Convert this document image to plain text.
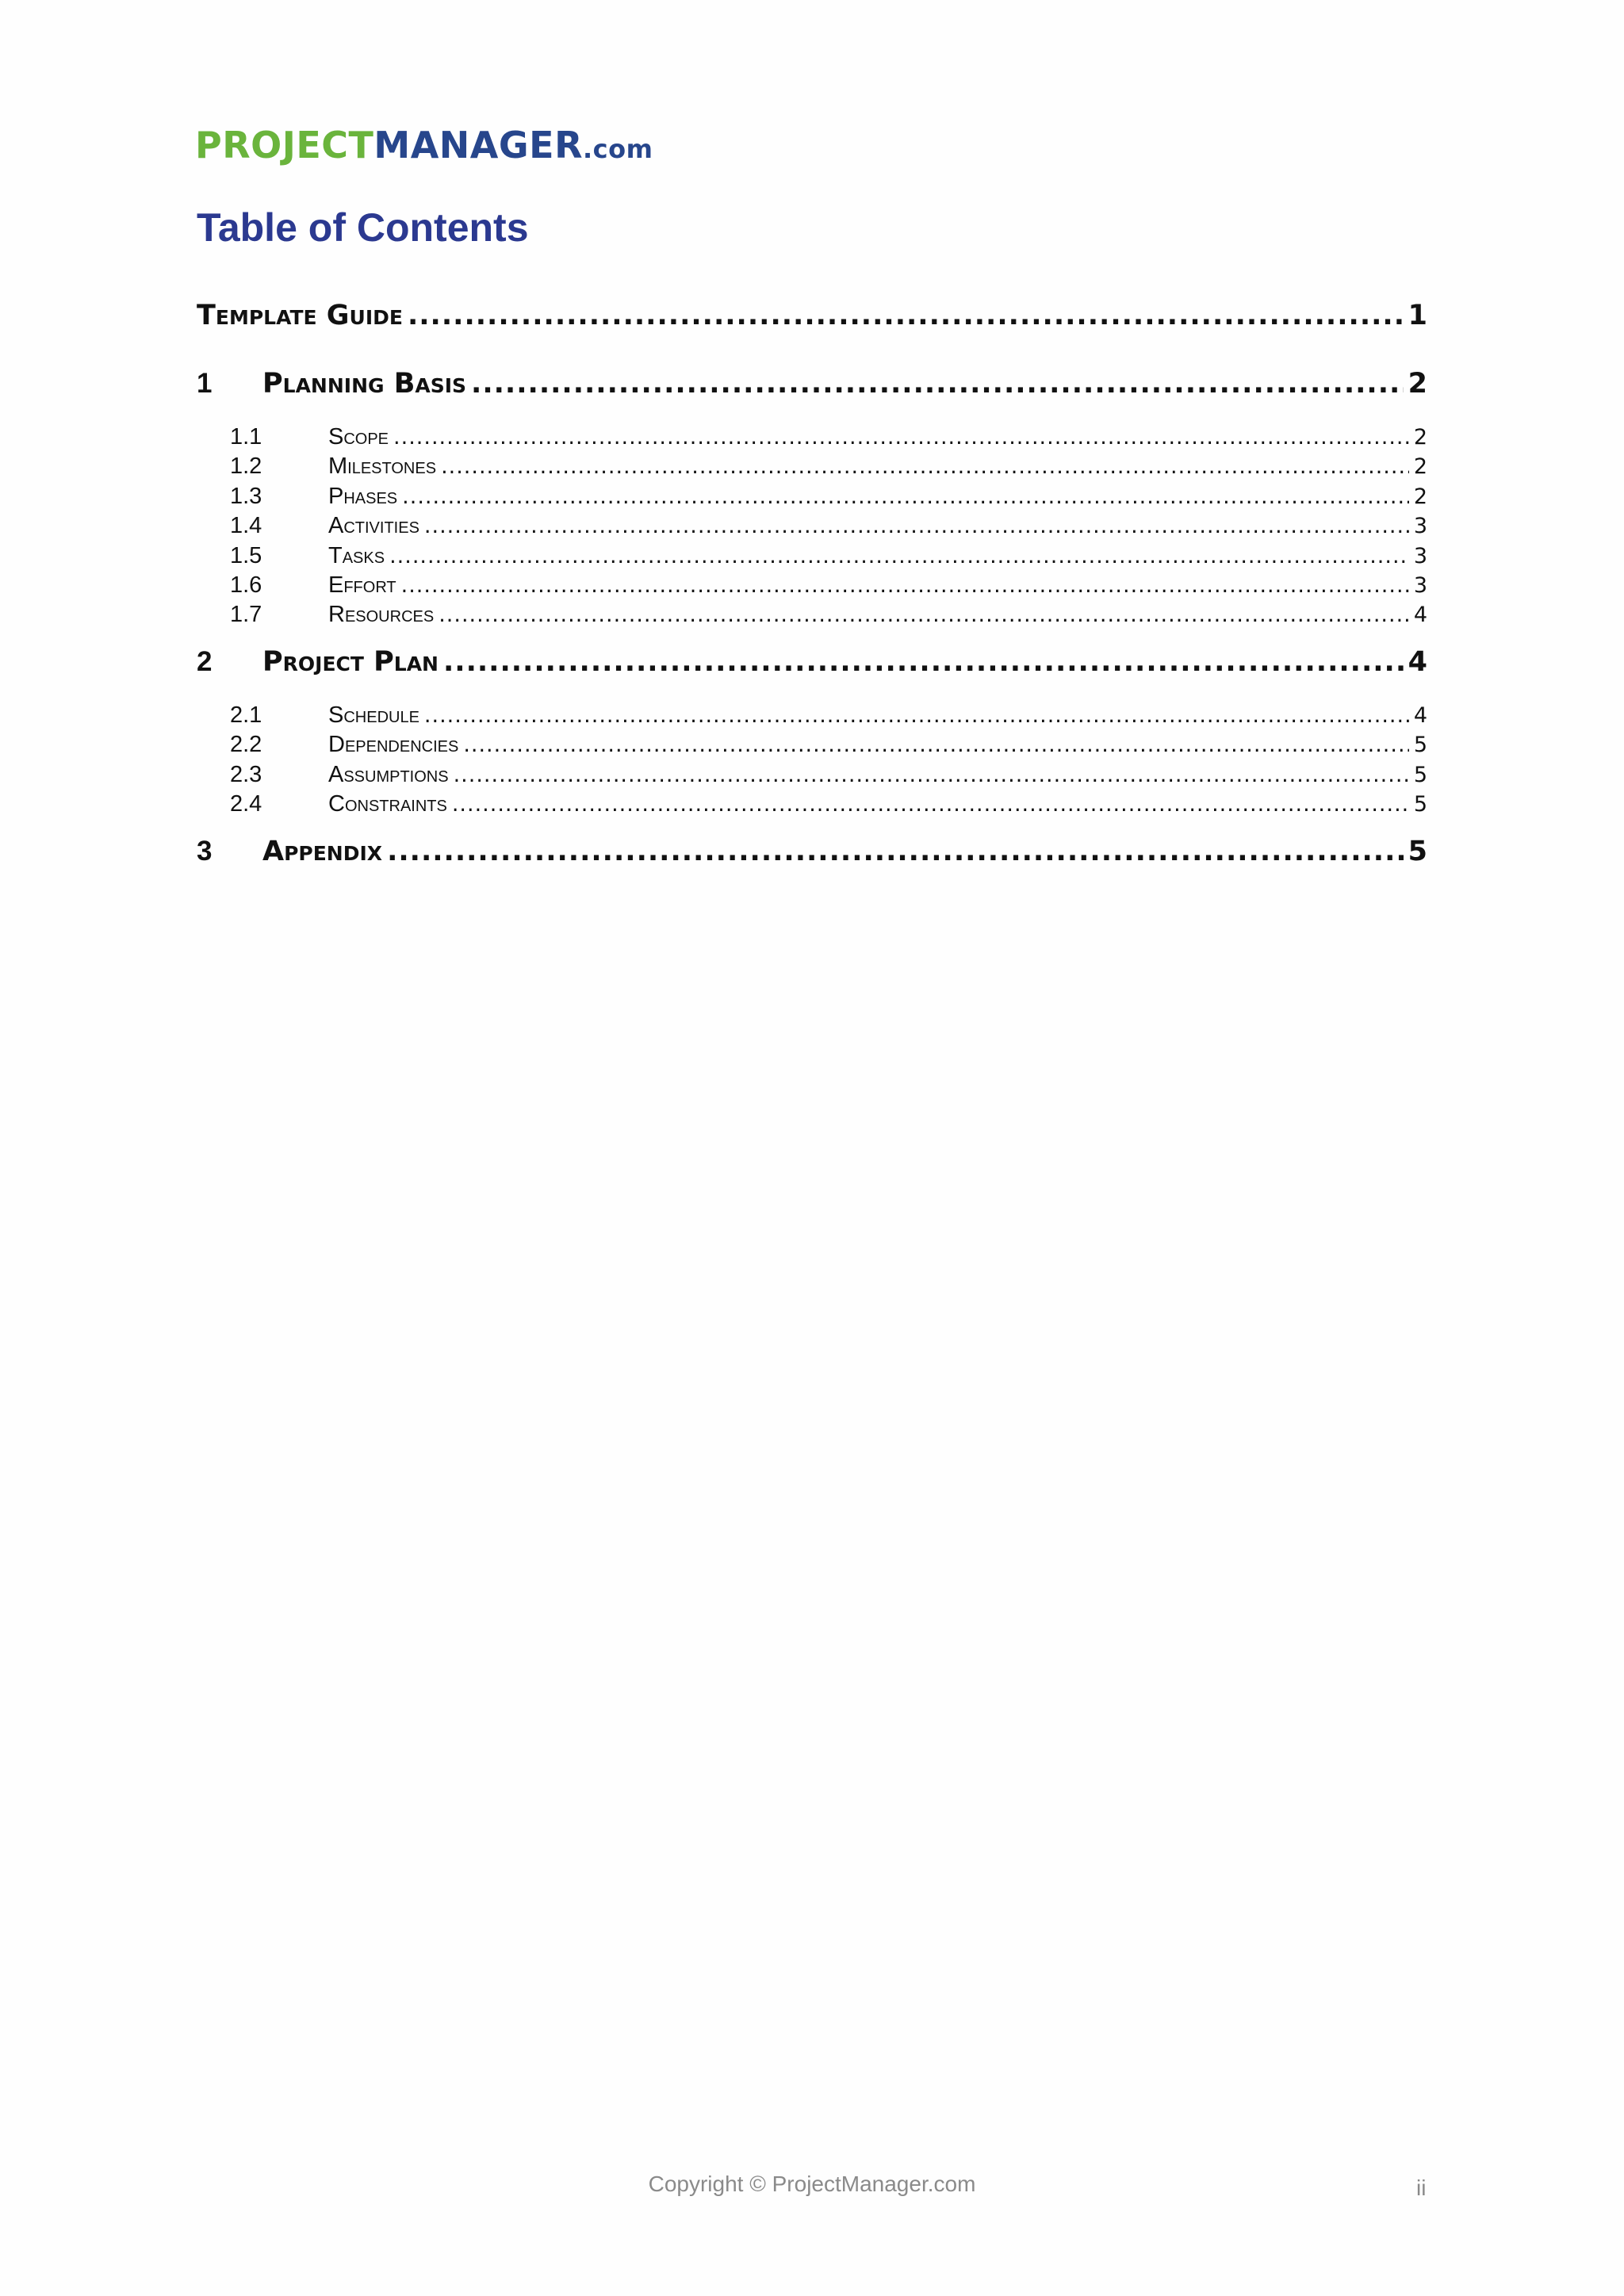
PROJECTMANAGER.com
Table of Contents
Template Guide .....	1
1	Planning Basis .....	2
1.1	Scope .....	2
1.2	Milestones .....	2
1.3	Phases .....	2
1.4	Activities .....	3
1.5	Tasks .....	3
1.6	Effort .....	3
1.7	Resources .....	4
2	Project Plan .....	4
2.1	Schedule .....	4
2.2	Dependencies .....	5
2.3	Assumptions .....	5
2.4	Constraints .....	5
3	Appendix .....	5
Copyright © ProjectManager.com	ii
